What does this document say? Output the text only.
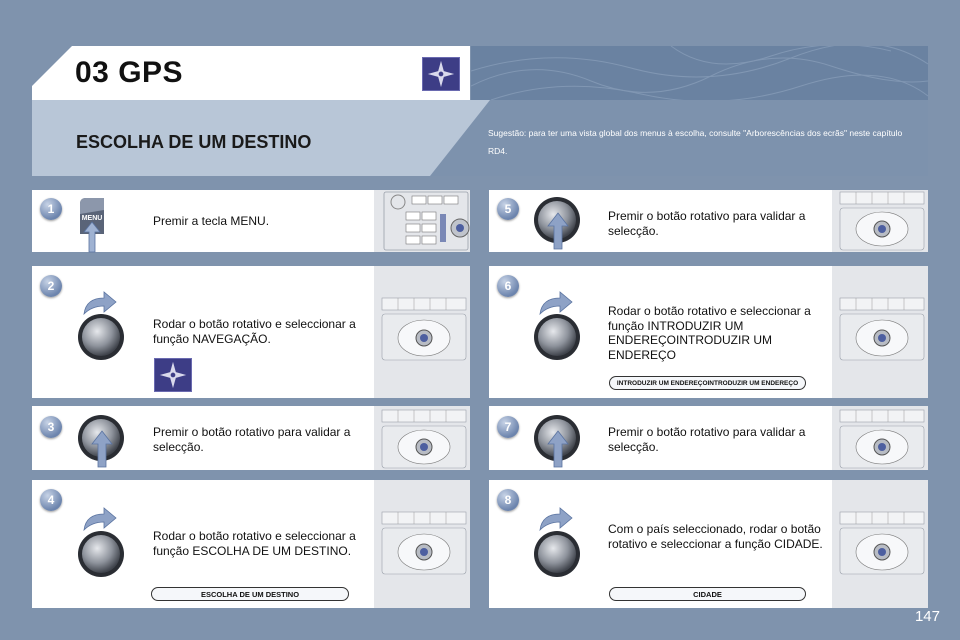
03 GPS
ESCOLHA DE UM DESTINO	Sugestão: para ter uma vista global dos menus à escolha, consulte "Arborescências dos ecrãs" neste capítulo RD4.
1
MENU	Premir a tecla MENU.
2
Rodar o botão rotativo e seleccionar a função NAVEGAÇÃO.
3	Premir o botão rotativo para validar a selecção.
4
Rodar o botão rotativo e seleccionar a função ESCOLHA DE UM DESTINO.
ESCOLHA DE UM DESTINO
5	Premir o botão rotativo para validar a selecção.
6
Rodar o botão rotativo e seleccionar a função INTRODUZIR UM ENDEREÇOINTRODUZIR UM ENDEREÇO
INTRODUZIR UM ENDEREÇOINTRODUZIR UM ENDEREÇO
7	Premir o botão rotativo para validar a selecção.
8
Com o país seleccionado, rodar o botão rotativo e seleccionar a função CIDADE.
CIDADE
147
